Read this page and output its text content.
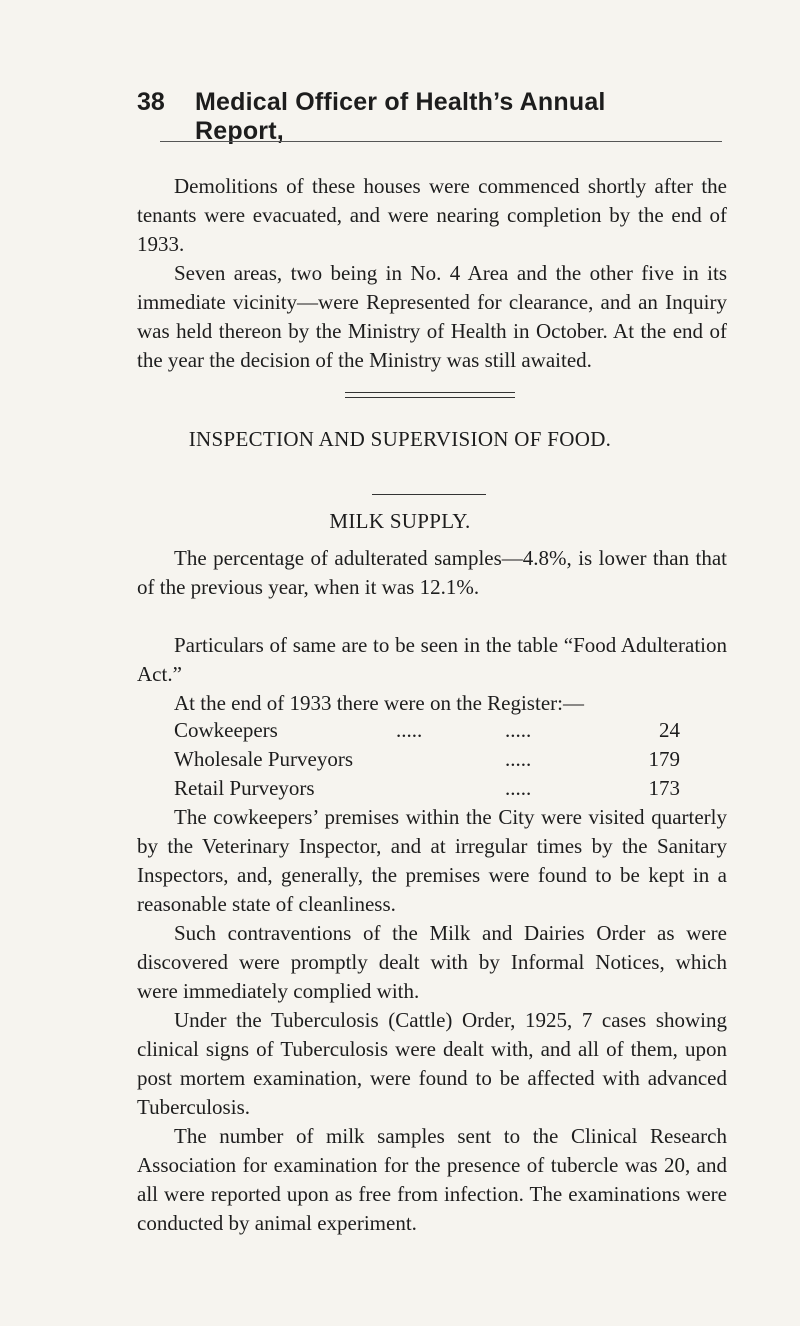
38 Medical Officer of Health’s Annual Report,

Demolitions of these houses were commenced shortly after the tenants were evacuated, and were nearing completion by the end of 1933.

Seven areas, two being in No. 4 Area and the other five in its immediate vicinity—were Represented for clearance, and an Inquiry was held thereon by the Ministry of Health in October. At the end of the year the decision of the Ministry was still awaited.

INSPECTION AND SUPERVISION OF FOOD.
MILK SUPPLY.

The percentage of adulterated samples—4.8%, is lower than that of the previous year, when it was 12.1%.

Particulars of same are to be seen in the table “Food Adulteration Act.”

At the end of 1933 there were on the Register:—

Cowkeepers	.....	.....	24
Wholesale Purveyors	.....	179
Retail Purveyors	.....	173

The cowkeepers’ premises within the City were visited quarterly by the Veterinary Inspector, and at irregular times by the Sanitary Inspectors, and, generally, the premises were found to be kept in a reasonable state of cleanliness.

Such contraventions of the Milk and Dairies Order as were discovered were promptly dealt with by Informal Notices, which were immediately complied with.

Under the Tuberculosis (Cattle) Order, 1925, 7 cases showing clinical signs of Tuberculosis were dealt with, and all of them, upon post mortem examination, were found to be affected with advanced Tuberculosis.

The number of milk samples sent to the Clinical Research Association for examination for the presence of tubercle was 20, and all were reported upon as free from infection. The examinations were conducted by animal experiment.
